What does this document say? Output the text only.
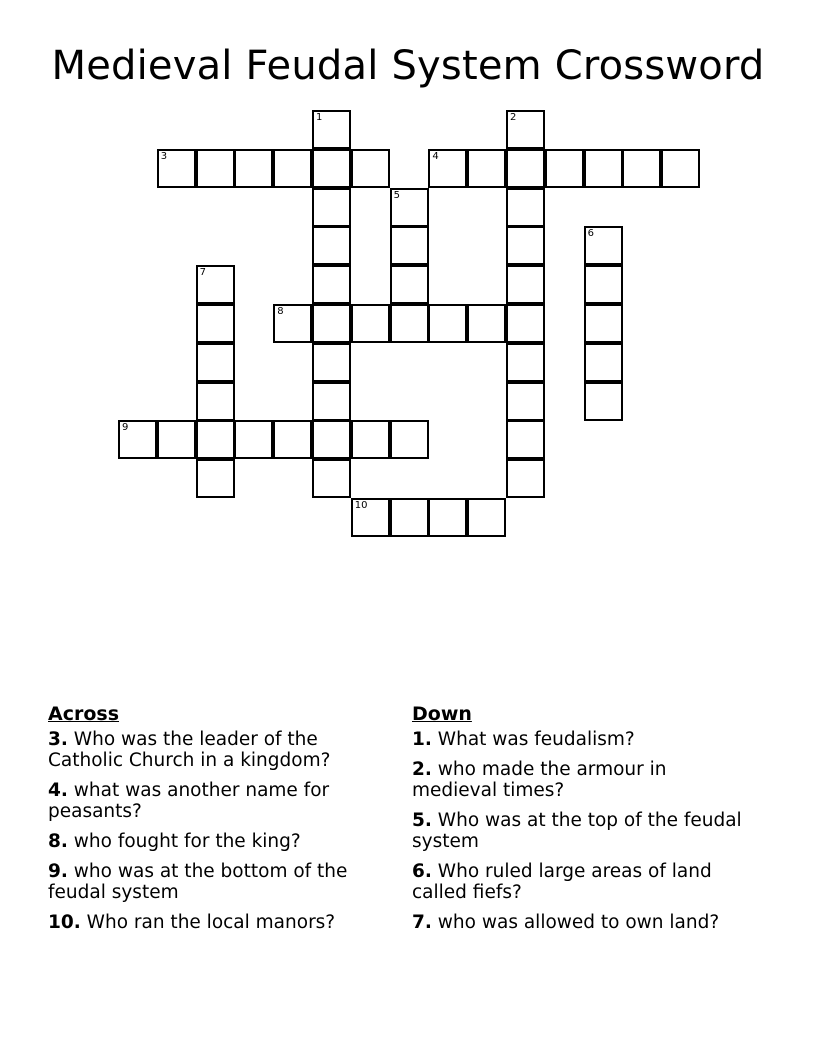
Medieval Feudal System Crossword
3	4
8
9
10
1	2
5
6
7
Across
3. Who was the leader of the Catholic Church in a kingdom?
4. what was another name for peasants?
8. who fought for the king?
9. who was at the bottom of the feudal system
10. Who ran the local manors?
Down
1. What was feudalism?
2. who made the armour in medieval times?
5. Who was at the top of the feudal system
6. Who ruled large areas of land called fiefs?
7. who was allowed to own land?
